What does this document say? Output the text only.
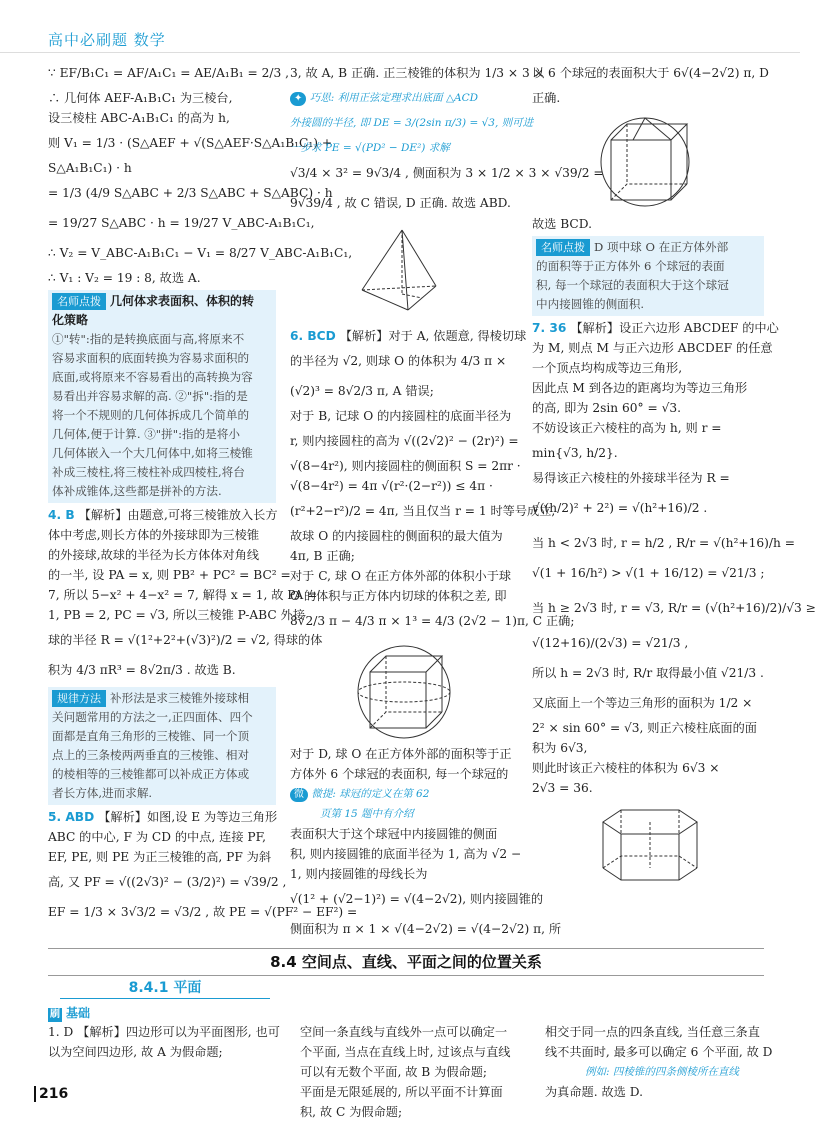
高中必刷题 数学
∵ EF/B₁C₁ = AF/A₁C₁ = AE/A₁B₁ = 2/3 ,
∴ 几何体 AEF-A₁B₁C₁ 为三棱台,
设三棱柱 ABC-A₁B₁C₁ 的高为 h,
则 V₁ = 1/3 · (S△AEF + √(S△AEF·S△A₁B₁C₁) +
S△A₁B₁C₁) · h
= 1/3 (4/9 S△ABC + 2/3 S△ABC + S△ABC) · h
= 19/27 S△ABC · h = 19/27 V_ABC-A₁B₁C₁,
∴ V₂ = V_ABC-A₁B₁C₁ − V₁ = 8/27 V_ABC-A₁B₁C₁,
∴ V₁ : V₂ = 19 : 8, 故选 A.
名师点拨 几何体求表面积、体积的转
化策略
①"转":指的是转换底面与高,将原来不
容易求面积的底面转换为容易求面积的
底面,或将原来不容易看出的高转换为容
易看出并容易求解的高. ②"拆":指的是
将一个不规则的几何体拆成几个简单的
几何体,便于计算. ③"拼":指的是将小
几何体嵌入一个大几何体中,如将三棱锥
补成三棱柱,将三棱柱补成四棱柱,将台
体补成锥体,这些都是拼补的方法.
4. B 【解析】由题意,可将三棱锥放入长方
体中考虑,则长方体的外接球即为三棱锥
的外接球,故球的半径为长方体体对角线
的一半, 设 PA = x, 则 PB² + PC² = BC² =
7, 所以 5−x² + 4−x² = 7, 解得 x = 1, 故 PA =
1, PB = 2, PC = √3, 所以三棱锥 P-ABC 外接
球的半径 R = √(1²+2²+(√3)²)/2 = √2, 得球的体
积为 4/3 πR³ = 8√2π/3 . 故选 B.
规律方法 补形法是求三棱锥外接球相
关问题常用的方法之一,正四面体、四个
面都是直角三角形的三棱锥、同一个顶
点上的三条棱两两垂直的三棱锥、相对
的棱相等的三棱锥都可以补成正方体或
者长方体,进而求解.
5. ABD 【解析】如图,设 E 为等边三角形
ABC 的中心, F 为 CD 的中点, 连接 PF,
EF, PE, 则 PE 为正三棱锥的高, PF 为斜
高, 又 PF = √((2√3)² − (3/2)²) = √39/2 ,
EF = 1/3 × 3√3/2 = √3/2 , 故 PE = √(PF² − EF²) =
3, 故 A, B 正确. 正三棱锥的体积为 1/3 × 3 ×
✦ 巧思: 利用正弦定理求出底面 △ACD
外接圆的半径, 即 DE = 3/(2sin π/3) = √3, 则可进
一步求 PE = √(PD² − DE²) 求解
√3/4 × 3² = 9√3/4 , 侧面积为 3 × 1/2 × 3 × √39/2 =
9√39/4 , 故 C 错误, D 正确. 故选 ABD.
6. BCD 【解析】对于 A, 依题意, 得棱切球
的半径为 √2, 则球 O 的体积为 4/3 π ×
(√2)³ = 8√2/3 π, A 错误;
对于 B, 记球 O 的内接圆柱的底面半径为
r, 则内接圆柱的高为 √((2√2)² − (2r)²) =
√(8−4r²), 则内接圆柱的侧面积 S = 2πr ·
√(8−4r²) = 4π √(r²·(2−r²)) ≤ 4π ·
(r²+2−r²)/2 = 4π, 当且仅当 r = 1 时等号成立,
故球 O 的内接圆柱的侧面积的最大值为
4π, B 正确;
对于 C, 球 O 在正方体外部的体积小于球
O 的体积与正方体内切球的体积之差, 即
8√2/3 π − 4/3 π × 1³ = 4/3 (2√2 − 1)π, C 正确;
对于 D, 球 O 在正方体外部的面积等于正
方体外 6 个球冠的表面积, 每一个球冠的
微 微提: 球冠的定义在第 62
页第 15 题中有介绍
表面积大于这个球冠中内接圆锥的侧面
积, 则内接圆锥的底面半径为 1, 高为 √2 −
1, 则内接圆锥的母线长为
√(1² + (√2−1)²) = √(4−2√2), 则内接圆锥的
侧面积为 π × 1 × √(4−2√2) = √(4−2√2) π, 所
以 6 个球冠的表面积大于 6√(4−2√2) π, D
正确.
故选 BCD.
名师点拨 D 项中球 O 在正方体外部
的面积等于正方体外 6 个球冠的表面
积, 每一个球冠的表面积大于这个球冠
中内接圆锥的侧面积.
7. 36 【解析】设正六边形 ABCDEF 的中心
为 M, 则点 M 与正六边形 ABCDEF 的任意
一个顶点均构成等边三角形,
因此点 M 到各边的距离均为等边三角形
的高, 即为 2sin 60° = √3.
不妨设该正六棱柱的高为 h, 则 r =
min{√3, h/2}.
易得该正六棱柱的外接球半径为 R =
√((h/2)² + 2²) = √(h²+16)/2 .
当 h < 2√3 时, r = h/2 , R/r = √(h²+16)/h =
√(1 + 16/h²) > √(1 + 16/12) = √21/3 ;
当 h ≥ 2√3 时, r = √3, R/r = (√(h²+16)/2)/√3 ≥
√(12+16)/(2√3) = √21/3 ,
所以 h = 2√3 时, R/r 取得最小值 √21/3 .
又底面上一个等边三角形的面积为 1/2 ×
2² × sin 60° = √3, 则正六棱柱底面的面
积为 6√3,
则此时该正六棱柱的体积为 6√3 ×
2√3 = 36.
8.4 空间点、直线、平面之间的位置关系
8.4.1 平面
刷 基础
1. D 【解析】四边形可以为平面图形, 也可
以为空间四边形, 故 A 为假命题;
空间一条直线与直线外一点可以确定一
个平面, 当点在直线上时, 过该点与直线
可以有无数个平面, 故 B 为假命题;
平面是无限延展的, 所以平面不计算面
积, 故 C 为假命题;
相交于同一点的四条直线, 当任意三条直
线不共面时, 最多可以确定 6 个平面, 故 D
例如: 四棱锥的四条侧棱所在直线
为真命题. 故选 D.
216
